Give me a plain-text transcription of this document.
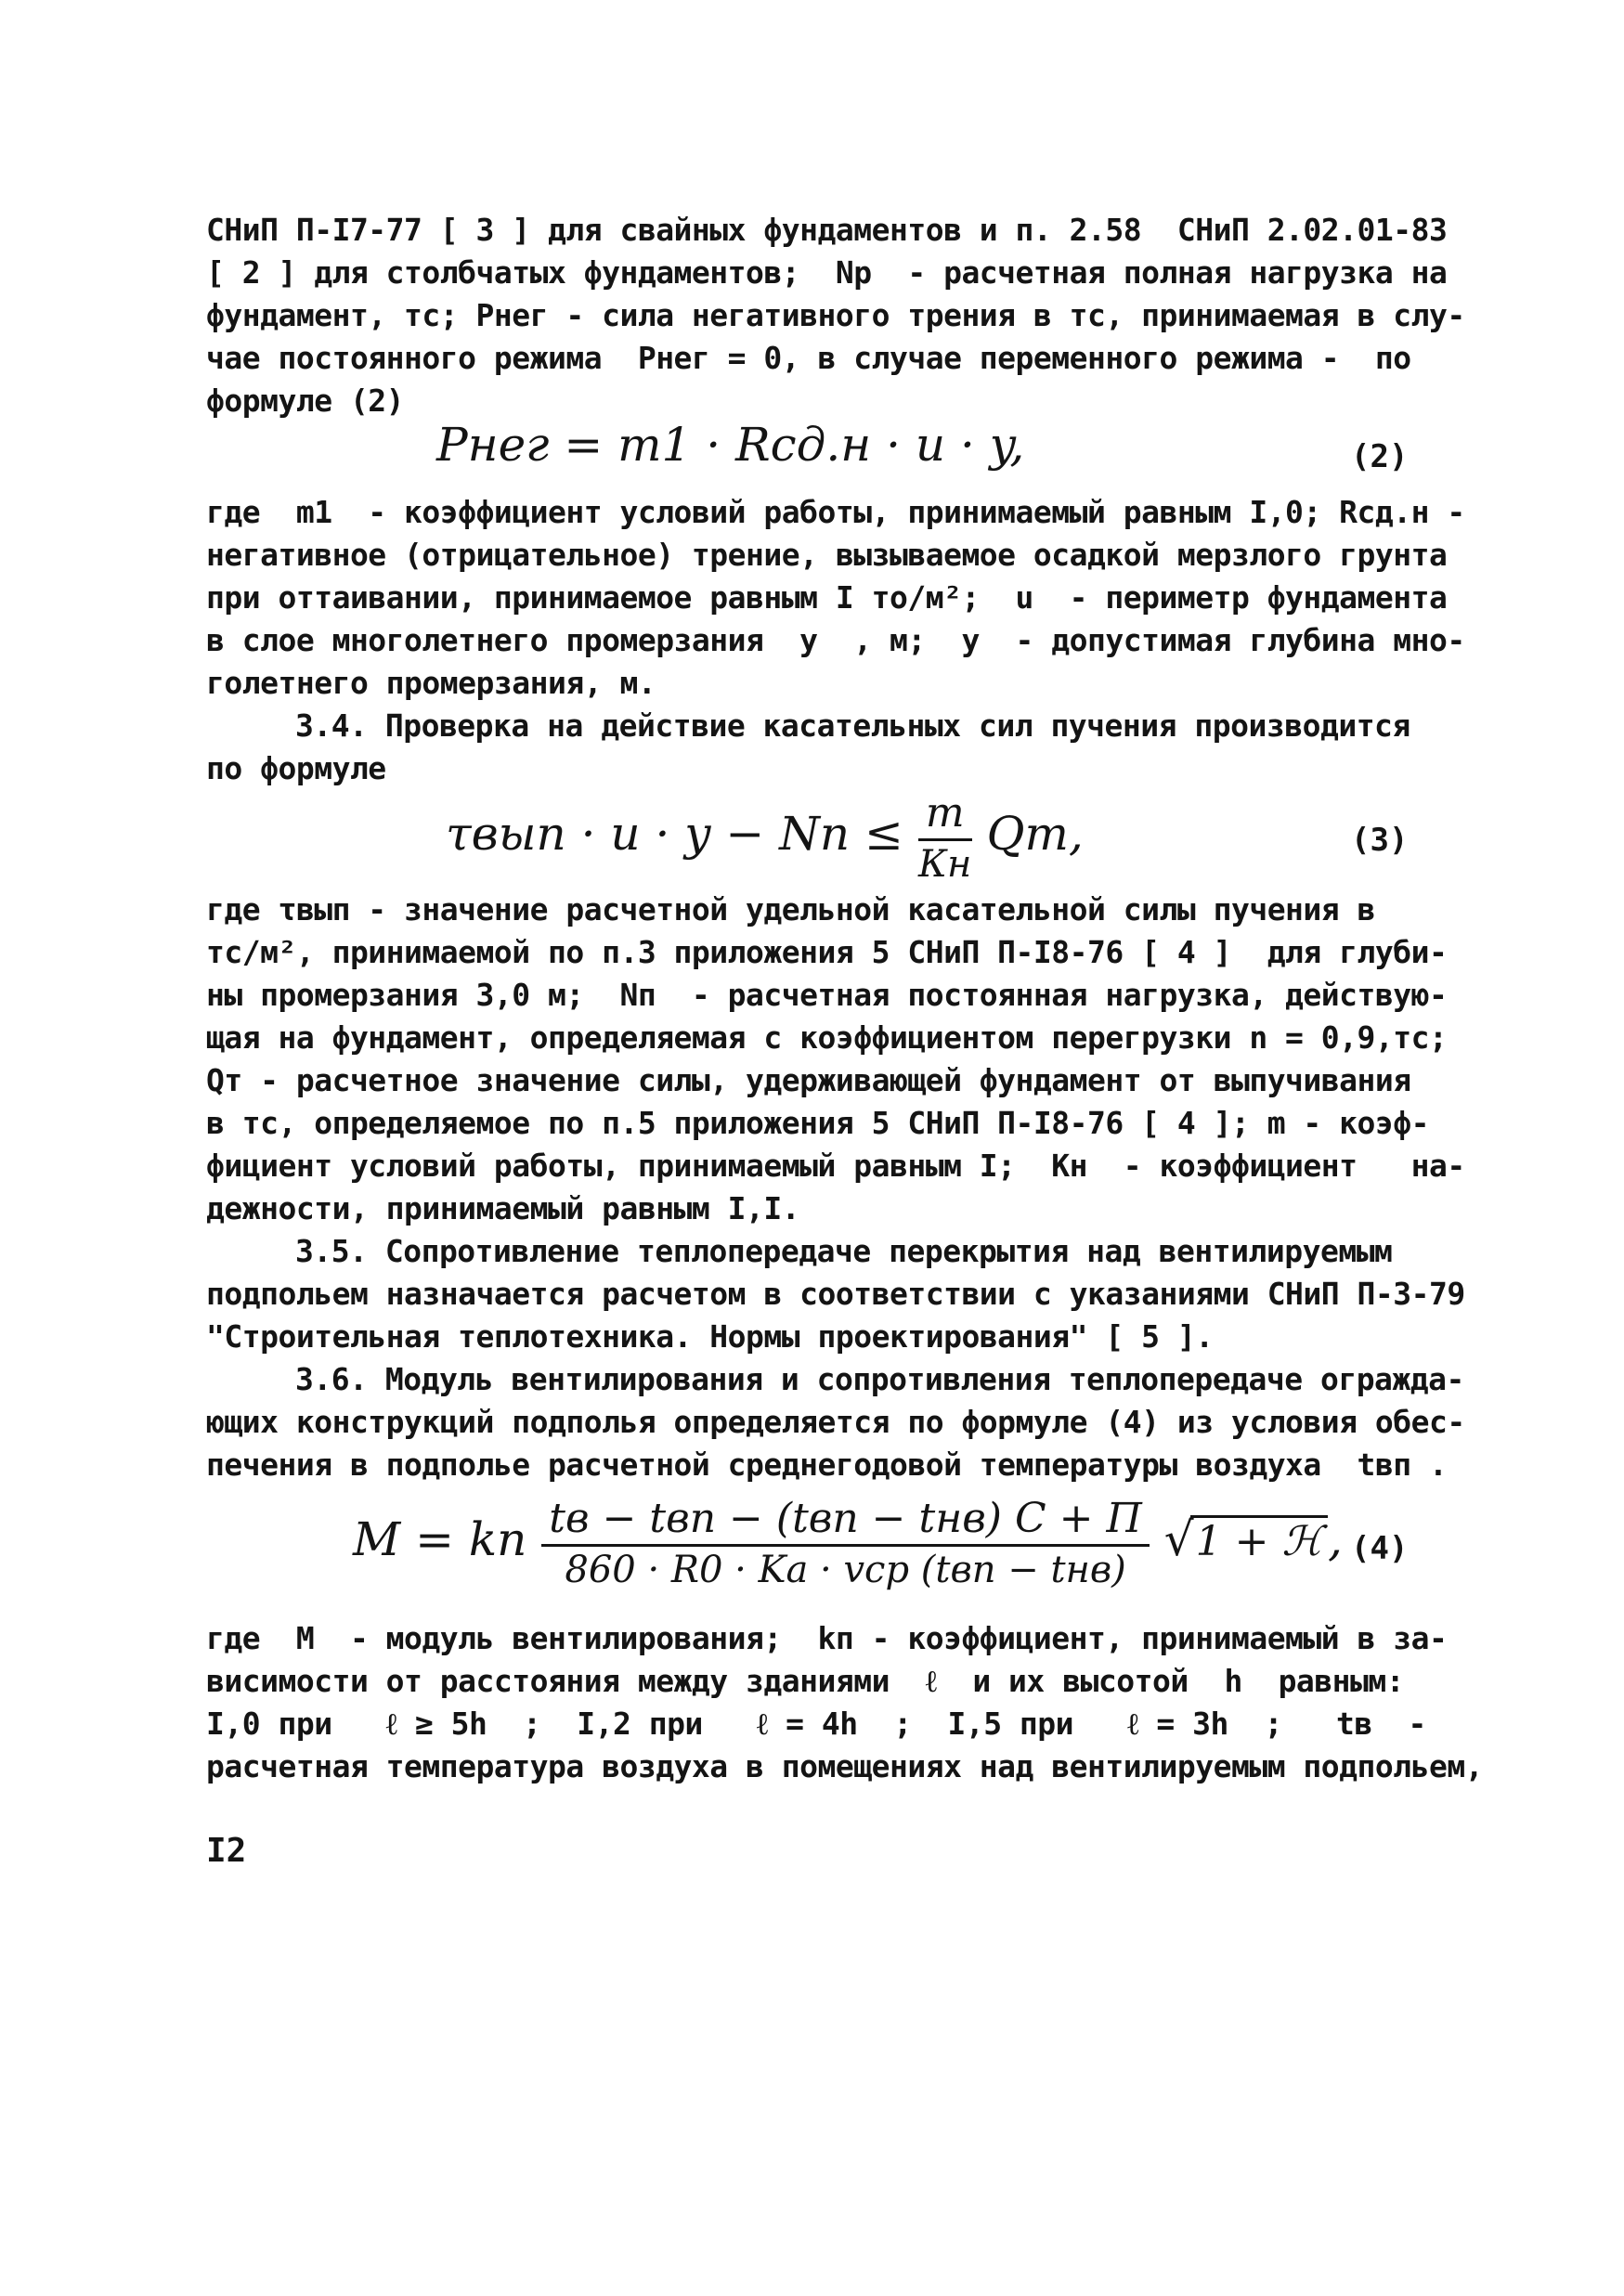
СНиП П-I7-77 [ 3 ] для свайных фундаментов и п. 2.58  СНиП 2.02.01-83
[ 2 ] для столбчатых фундаментов;  Np  - расчетная полная нагрузка на
фундамент, тс; Pнег - сила негативного трения в тс, принимаемая в слу-
чае постоянного режима  Pнег = 0, в случае переменного режима -  по
формуле (2)
Pнег = m1 · Rсд.н · u · y,	(2)
где  m1  - коэффициент условий работы, принимаемый равным I,0; Rсд.н -
негативное (отрицательное) трение, вызываемое осадкой мерзлого грунта
при оттаивании, принимаемое равным I то/м²;  u  - периметр фундамента
в слое многолетнего промерзания  y  , м;  y  - допустимая глубина мно-
голетнего промерзания, м.
3.4. Проверка на действие касательных сил пучения производится
по формуле
τвып · u · y − Nп ≤ $\frac{m}{Кн}$ Qт,	(3)
где τвып - значение расчетной удельной касательной силы пучения в
тс/м², принимаемой по п.3 приложения 5 СНиП П-I8-76 [ 4 ]  для глуби-
ны промерзания 3,0 м;  Nп  - расчетная постоянная нагрузка, действую-
щая на фундамент, определяемая с коэффициентом перегрузки n = 0,9,тс;
Qт - расчетное значение силы, удерживающей фундамент от выпучивания
в тс, определяемое по п.5 приложения 5 СНиП П-I8-76 [ 4 ]; m - коэф-
фициент условий работы, принимаемый равным I;  Кн  - коэффициент   на-
дежности, принимаемый равным I,I.
3.5. Сопротивление теплопередаче перекрытия над вентилируемым
подпольем назначается расчетом в соответствии с указаниями СНиП П-3-79
"Строительная теплотехника. Нормы проектирования" [ 5 ].
3.6. Модуль вентилирования и сопротивления теплопередаче огражда-
ющих конструкций подполья определяется по формуле (4) из условия обес-
печения в подполье расчетной среднегодовой температуры воздуха  tвп .
M = kп $\frac{\text{tв − tвп − (tвп − tнв) C + П}}{\text{860 · R0 · Ka · vср (tвп − tнв)}} √1$ + ℋ , (4)
где  M  - модуль вентилирования;  kп - коэффициент, принимаемый в за-
висимости от расстояния между зданиями  ℓ  и их высотой  h  равным:
I,0 при   ℓ ≥ 5h  ;  I,2 при   ℓ = 4h  ;  I,5 при   ℓ = 3h  ;   tв  -
расчетная температура воздуха в помещениях над вентилируемым подпольем,
I2
